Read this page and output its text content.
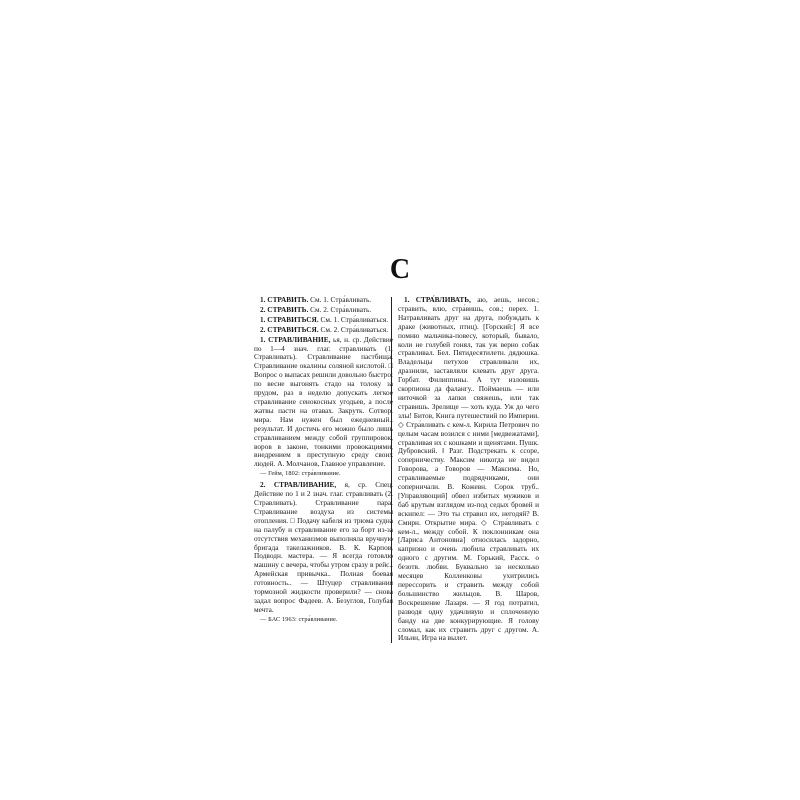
С

1. СТРАВИТЬ. См. 1. Стра́вливать.

2. СТРАВИТЬ. См. 2. Стра́вливать.

1. СТРАВИТЬСЯ. См. 1. Стра́вливаться.

2. СТРАВИТЬСЯ. См. 2. Стра́вливаться.

1. СТРАВЛИВАНИЕ, ья, н. ср. Действие по 1—4 знач. глаг. стравливать (1. Стравливать). Стравливание пастбища. Стравливание окалины соляной кислотой. □ Вопрос о выпасах решили довольно быстро: по весне выгонять стадо на толоку за прудом, раз в неделю допускать легкое стравливание сенокосных угодьев, а после жатвы пасти на отавах. Закрутк. Сотвор. мира. Нам нужен был ежедневный.. результат. И достичь его можно было лишь стравливанием между собой группировок, воров в законе, тонкими провокациями, внедрением в преступную среду своих людей. А. Молчанов, Главное управление.

— Гейм, 1802: стра́вливание.

2. СТРАВЛИВАНИЕ, я, ср. Спец. Действие по 1 и 2 знач. глаг. стравливать (2. Стравливать). Стравливание пара. Стравливание воздуха из системы отопления. □ Подачу кабеля из трюма судна на палубу и стравливание его за борт из-за отсутствия механизмов выполняла вручную бригада такелажников. В. К. Карпов, Подводн. мастера. — Я всегда готовлю машину с вечера, чтобы утром сразу в рейс.. Армейская привычка.. Полная боевая готовность.. — Штуцер стравливания тормозной жидкости проверили? — снова задал вопрос Фадеев. А. Безуглов, Голубая мечта.

— БАС 1963: стра́вливание.

1. СТРА́ВЛИВАТЬ, аю, аешь, несов.; стравить, влю, стра́вишь, сов.; перех. 1. Натравливать друг на друга, побуждать к драке (животных, птиц). [Горский:] Я все помню мальчика-повесу, который, бывало, коли не голубей гонял, так уж верно собак стравливал. Бел. Пятидесятилетн. дядюшка. Владельцы петухов стравливали их, дразнили, заставляли клевать друг друга. Горбат. Филиппины. А тут изловишь скорпиона да фалангу.. Поймаешь — или ниточкой за лапки свяжешь, или так стравишь. Зрелище — хоть куда. Уж до чего злы! Битов, Книга путешествий по Империи. ◇ Стра́вливать с кем-л. Кирила Петрович по целым часам возился с ними [медвежатами], стравливая их с кошками и щенятами. Пушк. Дубровский. ‖ Разг. Подстрекать к ссоре, соперничеству. Максим никогда не видел Говорова, а Говоров — Максима. Но, стравливаемые подрядчиками, они соперничали. В. Кожевн. Сорок труб.. [Управляющий] обвел избитых мужиков и баб крутым взглядом из-под седых бровей и вскипел: — Это ты стравил их, негодяй? В. Смирн. Открытие мира. ◇ Стра́вливать с кем-л., между собой. К поклонникам она [Лариса Антоновна] относилась задорно, капризно и очень любила стравливать их одного с другим. М. Горький, Расск. о безотв. любви. Буквально за несколько месяцев Колленковы ухитрились перессорить и стравить между собой большинство жильцов. В. Шаров, Воскрешение Лазаря. — Я год потратил, разводя одну удачливую и сплоченную банду на две конкурирующие. Я голову сломал, как их стравить друг с другом. А. Ильин, Игра на вылет.
